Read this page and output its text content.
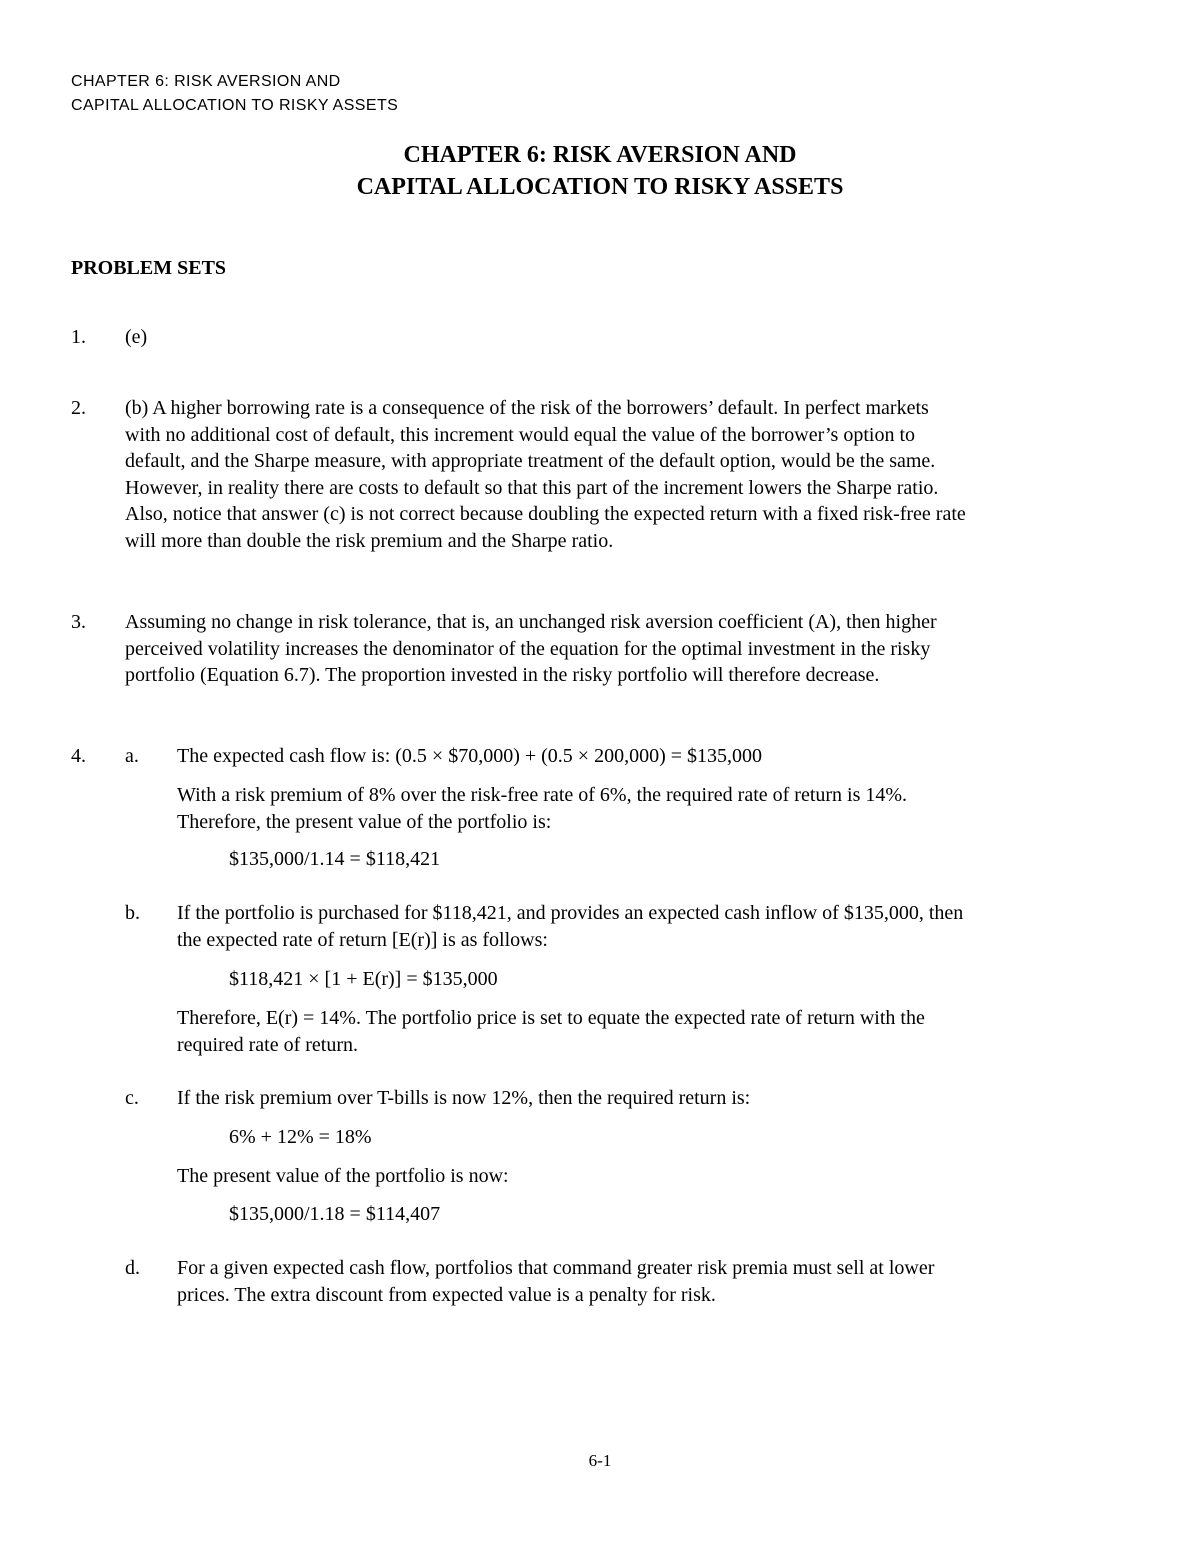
CHAPTER 6: RISK AVERSION AND
CAPITAL ALLOCATION TO RISKY ASSETS
CHAPTER 6: RISK AVERSION AND
CAPITAL ALLOCATION TO RISKY ASSETS
PROBLEM SETS
1. (e)
2. (b) A higher borrowing rate is a consequence of the risk of the borrowers’ default. In perfect markets
with no additional cost of default, this increment would equal the value of the borrower’s option to
default, and the Sharpe measure, with appropriate treatment of the default option, would be the same.
However, in reality there are costs to default so that this part of the increment lowers the Sharpe ratio.
Also, notice that answer (c) is not correct because doubling the expected return with a fixed risk-free rate
will more than double the risk premium and the Sharpe ratio.
3. Assuming no change in risk tolerance, that is, an unchanged risk aversion coefficient (A), then higher
perceived volatility increases the denominator of the equation for the optimal investment in the risky
portfolio (Equation 6.7). The proportion invested in the risky portfolio will therefore decrease.
4. a. The expected cash flow is: (0.5 × $70,000) + (0.5 × 200,000) = $135,000
With a risk premium of 8% over the risk-free rate of 6%, the required rate of return is 14%.
Therefore, the present value of the portfolio is:
$135,000/1.14 = $118,421
b. If the portfolio is purchased for $118,421, and provides an expected cash inflow of $135,000, then
the expected rate of return [E(r)] is as follows:
$118,421 × [1 + E(r)] = $135,000
Therefore, E(r) = 14%. The portfolio price is set to equate the expected rate of return with the
required rate of return.
c. If the risk premium over T-bills is now 12%, then the required return is:
6% + 12% = 18%
The present value of the portfolio is now:
$135,000/1.18 = $114,407
d. For a given expected cash flow, portfolios that command greater risk premia must sell at lower
prices. The extra discount from expected value is a penalty for risk.
6-1
